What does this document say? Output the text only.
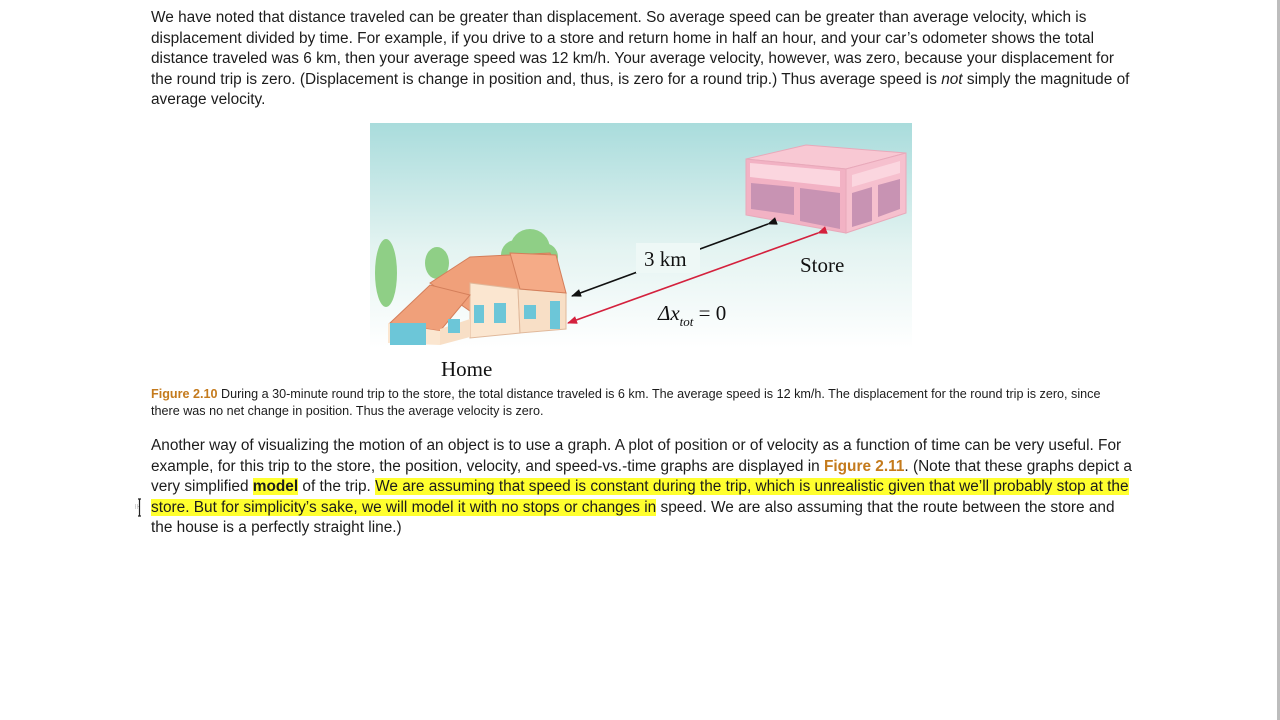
We have noted that distance traveled can be greater than displacement. So average speed can be greater than average velocity, which is displacement divided by time. For example, if you drive to a store and return home in half an hour, and your car’s odometer shows the total distance traveled was 6 km, then your average speed was 12 km/h. Your average velocity, however, was zero, because your displacement for the round trip is zero. (Displacement is change in position and, thus, is zero for a round trip.) Thus average speed is not simply the magnitude of average velocity.

3 km	Store
Home
$\Delta x_{tot} = 0$

Figure 2.10 During a 30-minute round trip to the store, the total distance traveled is 6 km. The average speed is 12 km/h. The displacement for the round trip is zero, since there was no net change in position. Thus the average velocity is zero.

Another way of visualizing the motion of an object is to use a graph. A plot of position or of velocity as a function of time can be very useful. For example, for this trip to the store, the position, velocity, and speed-vs.-time graphs are displayed in Figure 2.11. (Note that these graphs depict a very simplified model of the trip. We are assuming that speed is constant during the trip, which is unrealistic given that we’ll probably stop at the store. But for simplicity’s sake, we will model it with no stops or changes in speed. We are also assuming that the route between the store and the house is a perfectly straight line.)
